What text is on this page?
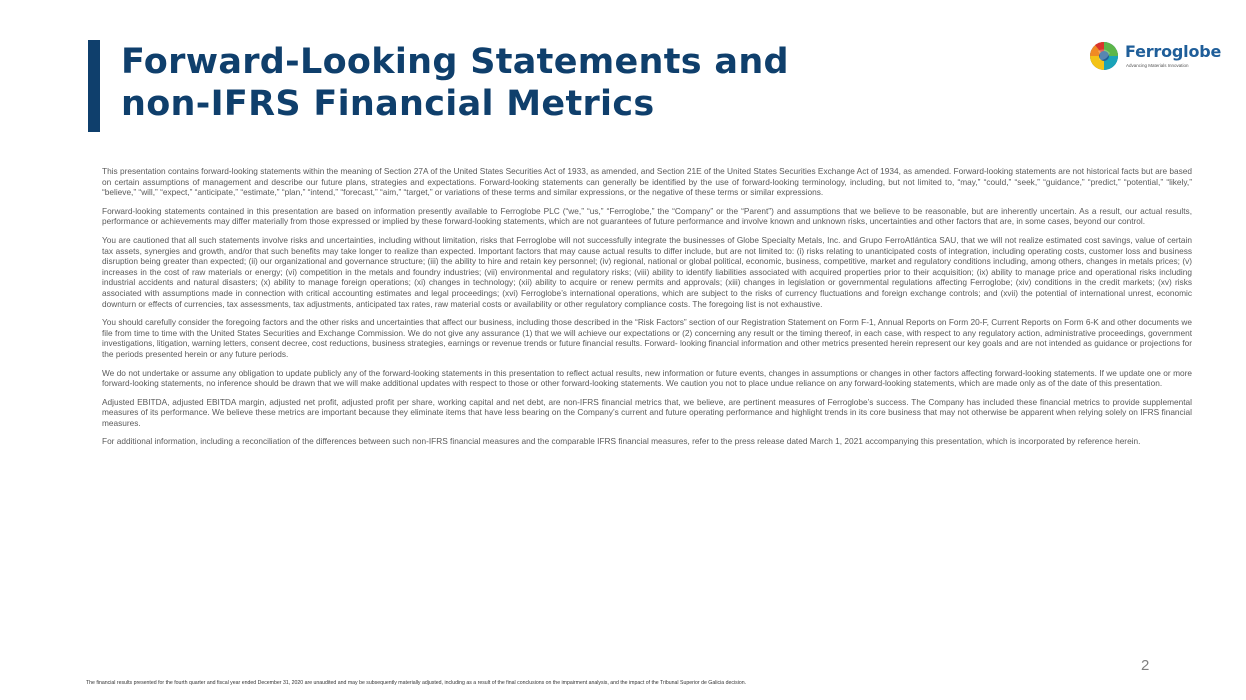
Forward-Looking Statements and
non-IFRS Financial Metrics
Ferroglobe
Advancing Materials Innovation

This presentation contains forward-looking statements within the meaning of Section 27A of the United States Securities Act of 1933, as amended, and Section 21E of the United States Securities Exchange Act of 1934, as amended. Forward-looking statements are not historical facts but are based on certain assumptions of management and describe our future plans, strategies and expectations. Forward-looking statements can generally be identified by the use of forward-looking terminology, including, but not limited to, “may,” “could,” “seek,” “guidance,” “predict,” “potential,” “likely,” “believe,” “will,” “expect,” “anticipate,” “estimate,” “plan,” “intend,” “forecast,” “aim,” “target,” or variations of these terms and similar expressions, or the negative of these terms or similar expressions.

Forward-looking statements contained in this presentation are based on information presently available to Ferroglobe PLC (“we,” “us,” “Ferroglobe,” the “Company” or the “Parent”) and assumptions that we believe to be reasonable, but are inherently uncertain. As a result, our actual results, performance or achievements may differ materially from those expressed or implied by these forward-looking statements, which are not guarantees of future performance and involve known and unknown risks, uncertainties and other factors that are, in some cases, beyond our control.

You are cautioned that all such statements involve risks and uncertainties, including without limitation, risks that Ferroglobe will not successfully integrate the businesses of Globe Specialty Metals, Inc. and Grupo FerroAtlántica SAU, that we will not realize estimated cost savings, value of certain tax assets, synergies and growth, and/or that such benefits may take longer to realize than expected. Important factors that may cause actual results to differ include, but are not limited to: (i) risks relating to unanticipated costs of integration, including operating costs, customer loss and business disruption being greater than expected; (ii) our organizational and governance structure; (iii) the ability to hire and retain key personnel; (iv) regional, national or global political, economic, business, competitive, market and regulatory conditions including, among others, changes in metals prices; (v) increases in the cost of raw materials or energy; (vi) competition in the metals and foundry industries; (vii) environmental and regulatory risks; (viii) ability to identify liabilities associated with acquired properties prior to their acquisition; (ix) ability to manage price and operational risks including industrial accidents and natural disasters; (x) ability to manage foreign operations; (xi) changes in technology; (xii) ability to acquire or renew permits and approvals; (xiii) changes in legislation or governmental regulations affecting Ferroglobe; (xiv) conditions in the credit markets; (xv) risks associated with assumptions made in connection with critical accounting estimates and legal proceedings; (xvi) Ferroglobe’s international operations, which are subject to the risks of currency fluctuations and foreign exchange controls; and (xvii) the potential of international unrest, economic downturn or effects of currencies, tax assessments, tax adjustments, anticipated tax rates, raw material costs or availability or other regulatory compliance costs. The foregoing list is not exhaustive.

You should carefully consider the foregoing factors and the other risks and uncertainties that affect our business, including those described in the “Risk Factors” section of our Registration Statement on Form F-1, Annual Reports on Form 20-F, Current Reports on Form 6-K and other documents we file from time to time with the United States Securities and Exchange Commission. We do not give any assurance (1) that we will achieve our expectations or (2) concerning any result or the timing thereof, in each case, with respect to any regulatory action, administrative proceedings, government investigations, litigation, warning letters, consent decree, cost reductions, business strategies, earnings or revenue trends or future financial results. Forward- looking financial information and other metrics presented herein represent our key goals and are not intended as guidance or projections for the periods presented herein or any future periods.

We do not undertake or assume any obligation to update publicly any of the forward-looking statements in this presentation to reflect actual results, new information or future events, changes in assumptions or changes in other factors affecting forward-looking statements. If we update one or more forward-looking statements, no inference should be drawn that we will make additional updates with respect to those or other forward-looking statements. We caution you not to place undue reliance on any forward-looking statements, which are made only as of the date of this presentation.

Adjusted EBITDA, adjusted EBITDA margin, adjusted net profit, adjusted profit per share, working capital and net debt, are non-IFRS financial metrics that, we believe, are pertinent measures of Ferroglobe’s success. The Company has included these financial metrics to provide supplemental measures of its performance. We believe these metrics are important because they eliminate items that have less bearing on the Company’s current and future operating performance and highlight trends in its core business that may not otherwise be apparent when relying solely on IFRS financial measures.

For additional information, including a reconciliation of the differences between such non-IFRS financial measures and the comparable IFRS financial measures, refer to the press release dated March 1, 2021 accompanying this presentation, which is incorporated by reference herein.

2
The financial results presented for the fourth quarter and fiscal year ended December 31, 2020 are unaudited and may be subsequently materially adjusted, including as a result of the final conclusions on the impairment analysis, and the impact of the Tribunal Superior de Galicia decision.
